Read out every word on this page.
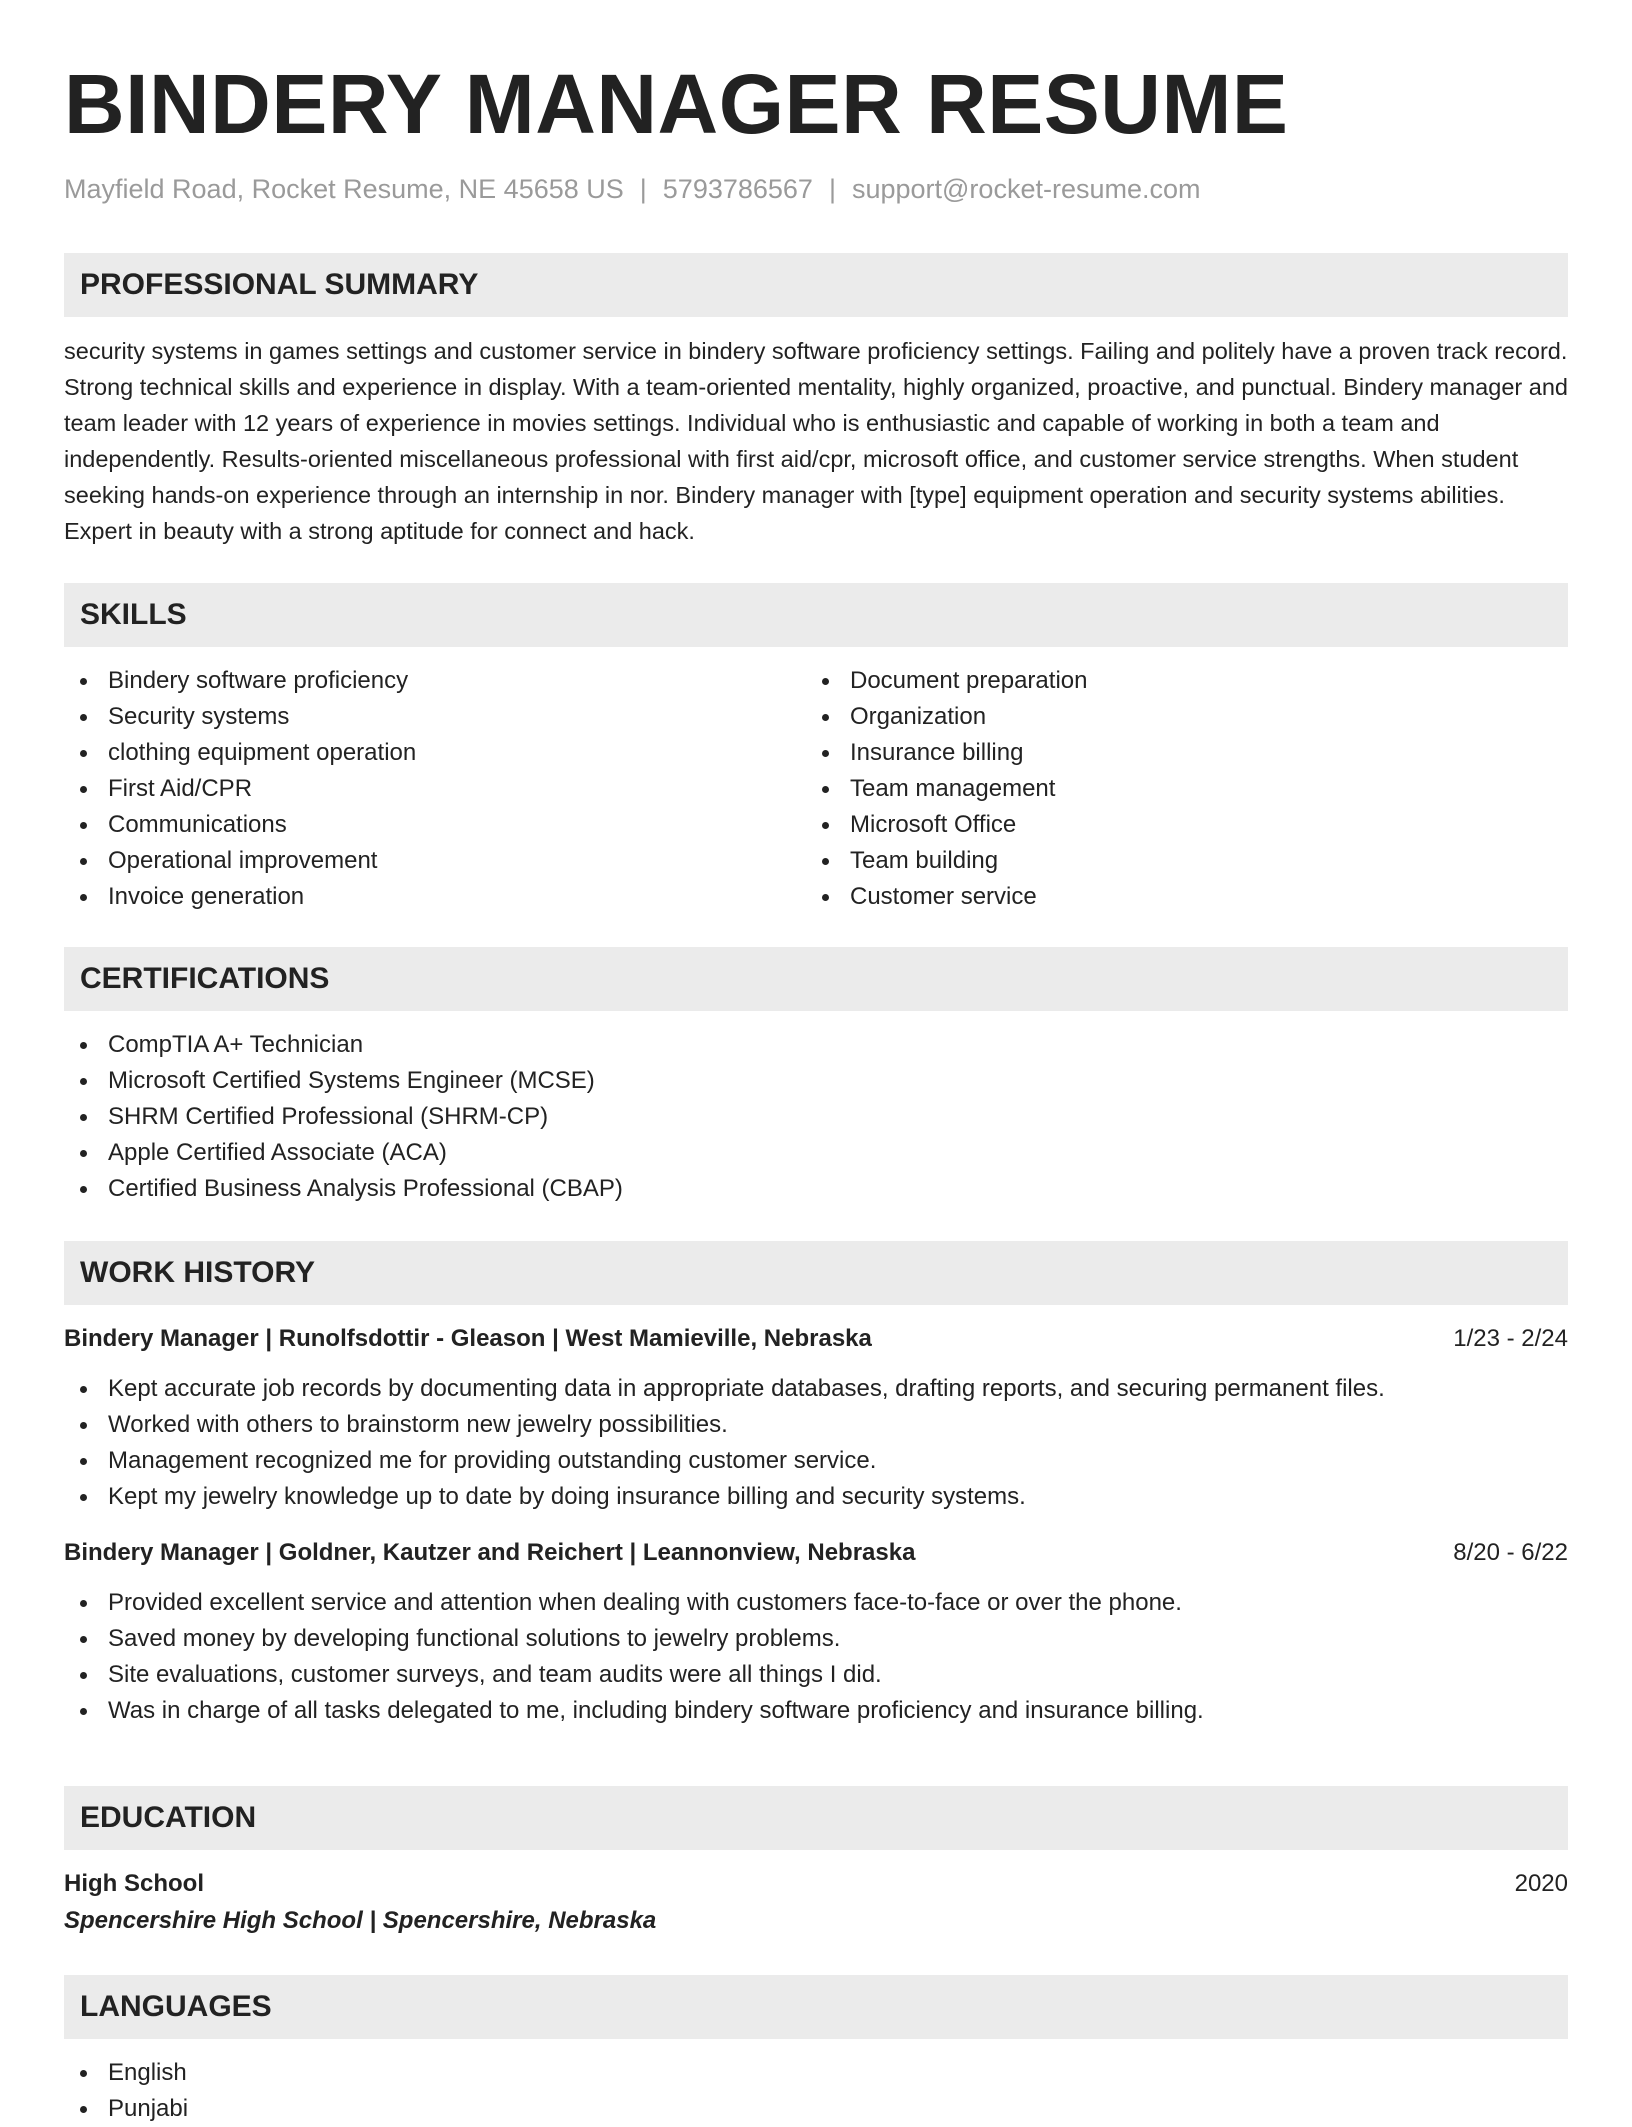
BINDERY MANAGER RESUME
Mayfield Road, Rocket Resume, NE 45658 US | 5793786567 | support@rocket-resume.com
PROFESSIONAL SUMMARY
security systems in games settings and customer service in bindery software proficiency settings. Failing and politely have a proven track record. Strong technical skills and experience in display. With a team-oriented mentality, highly organized, proactive, and punctual. Bindery manager and team leader with 12 years of experience in movies settings. Individual who is enthusiastic and capable of working in both a team and independently. Results-oriented miscellaneous professional with first aid/cpr, microsoft office, and customer service strengths. When student seeking hands-on experience through an internship in nor. Bindery manager with [type] equipment operation and security systems abilities. Expert in beauty with a strong aptitude for connect and hack.
SKILLS
Bindery software proficiency
Security systems
clothing equipment operation
First Aid/CPR
Communications
Operational improvement
Invoice generation
Document preparation
Organization
Insurance billing
Team management
Microsoft Office
Team building
Customer service
CERTIFICATIONS
CompTIA A+ Technician
Microsoft Certified Systems Engineer (MCSE)
SHRM Certified Professional (SHRM-CP)
Apple Certified Associate (ACA)
Certified Business Analysis Professional (CBAP)
WORK HISTORY
Bindery Manager | Runolfsdottir - Gleason | West Mamieville, Nebraska	1/23 - 2/24
Kept accurate job records by documenting data in appropriate databases, drafting reports, and securing permanent files.
Worked with others to brainstorm new jewelry possibilities.
Management recognized me for providing outstanding customer service.
Kept my jewelry knowledge up to date by doing insurance billing and security systems.
Bindery Manager | Goldner, Kautzer and Reichert | Leannonview, Nebraska	8/20 - 6/22
Provided excellent service and attention when dealing with customers face-to-face or over the phone.
Saved money by developing functional solutions to jewelry problems.
Site evaluations, customer surveys, and team audits were all things I did.
Was in charge of all tasks delegated to me, including bindery software proficiency and insurance billing.
EDUCATION
High School	2020
Spencershire High School | Spencershire, Nebraska
LANGUAGES
English
Punjabi
